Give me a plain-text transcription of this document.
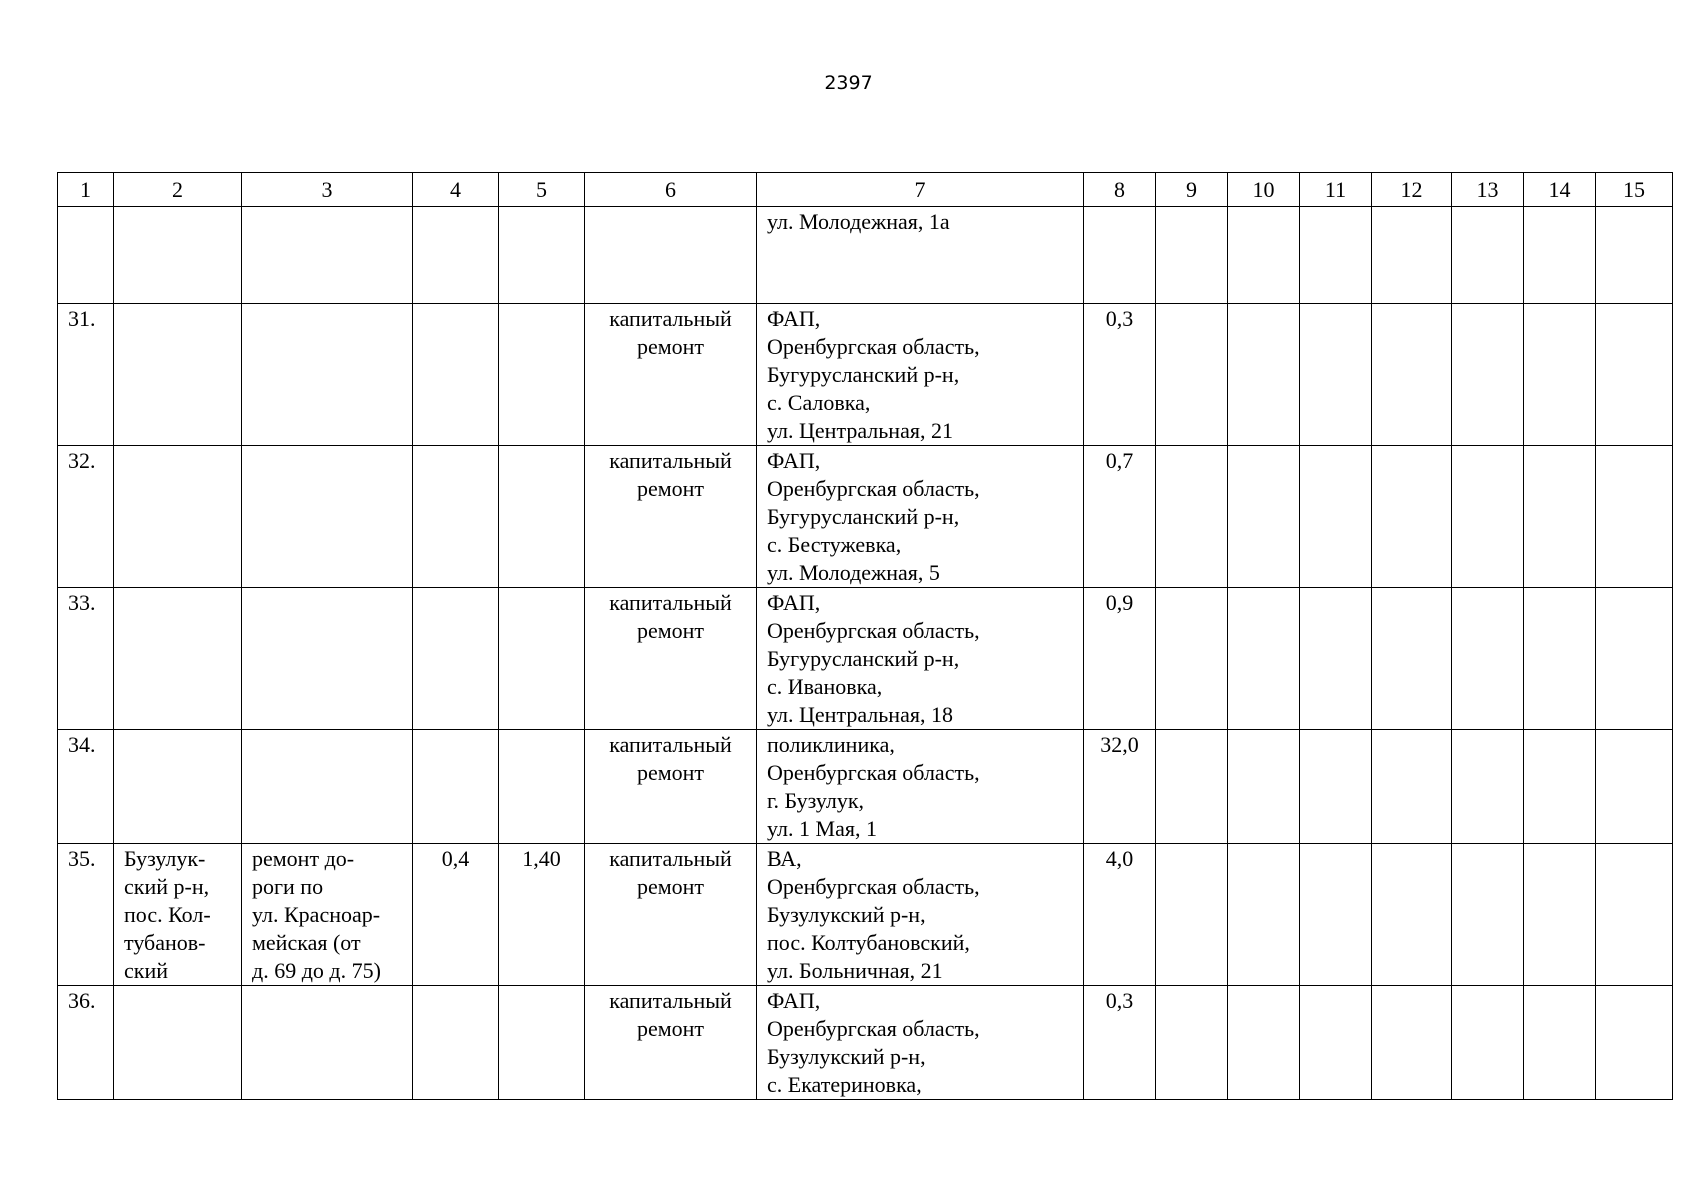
2397
1	2	3	4	5	6	7	8	9	10	11	12	13	14	15

						ул. Молодежная, 1а								

31.					капитальный
ремонт	ФАП,
Оренбургская область,
Бугурусланский р-н,
с. Саловка,
ул. Центральная, 21	0,3							
32.					капитальный
ремонт	ФАП,
Оренбургская область,
Бугурусланский р-н,
с. Бестужевка,
ул. Молодежная, 5	0,7							
33.					капитальный
ремонт	ФАП,
Оренбургская область,
Бугурусланский р-н,
с. Ивановка,
ул. Центральная, 18	0,9							
34.					капитальный
ремонт	поликлиника,
Оренбургская область,
г. Бузулук,
ул. 1 Мая, 1	32,0							
35.	Бузулук-
ский р-н,
пос. Кол-
тубанов-
ский	ремонт до-
роги по
ул. Красноар-
мейская (от
д. 69 до д. 75)	0,4	1,40	капитальный
ремонт	ВА,
Оренбургская область,
Бузулукский р-н,
пос. Колтубановский,
ул. Больничная, 21	4,0							
36.					капитальный
ремонт	ФАП,
Оренбургская область,
Бузулукский р-н,
с. Екатериновка,	0,3							
